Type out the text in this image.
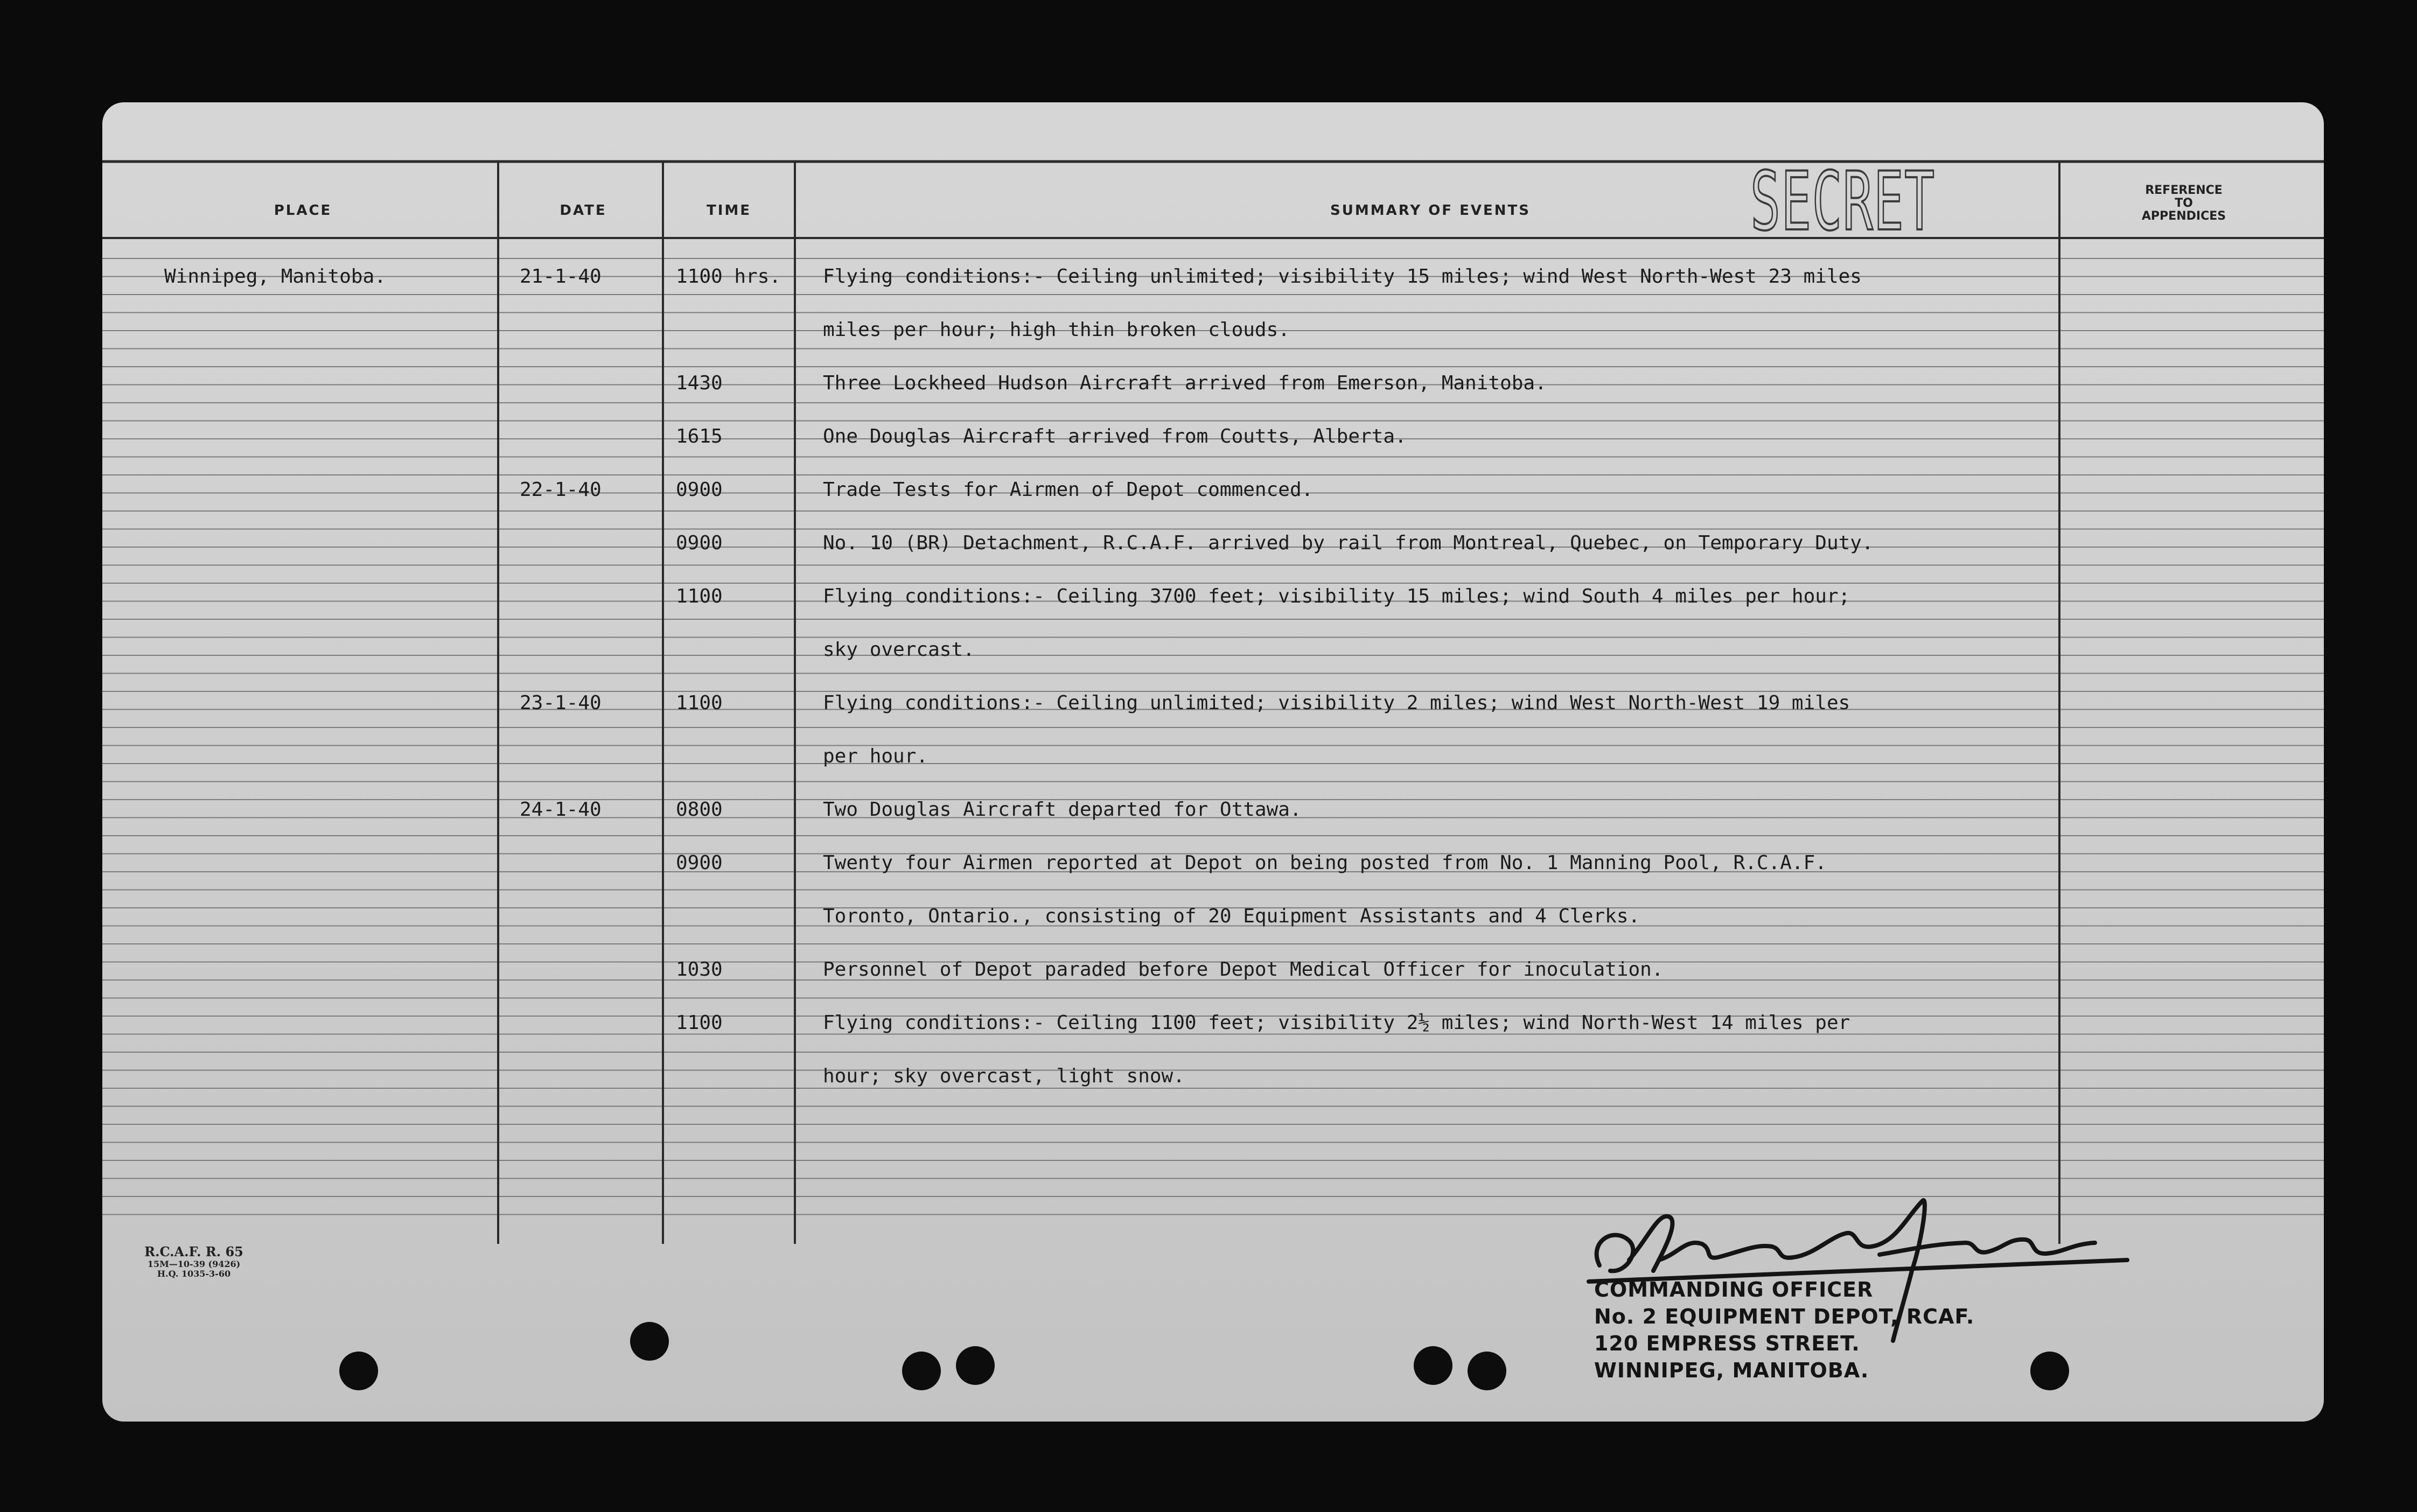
PLACE	DATE	TIME	SUMMARY OF EVENTS
REFERENCE
TO
APPENDICES
SECRET
Winnipeg, Manitoba.	21-1-40	1100 hrs. Flying conditions:- Ceiling unlimited; visibility 15 miles; wind West North-West 23 miles
miles per hour; high thin broken clouds.
1430	Three Lockheed Hudson Aircraft arrived from Emerson, Manitoba.
1615	One Douglas Aircraft arrived from Coutts, Alberta.
22-1-40	0900	Trade Tests for Airmen of Depot commenced.
0900	No. 10 (BR) Detachment, R.C.A.F. arrived by rail from Montreal, Quebec, on Temporary Duty.
1100	Flying conditions:- Ceiling 3700 feet; visibility 15 miles; wind South 4 miles per hour;
sky overcast.
23-1-40	1100	Flying conditions:- Ceiling unlimited; visibility 2 miles; wind West North-West 19 miles
per hour.
24-1-40	0800	Two Douglas Aircraft departed for Ottawa.
0900	Twenty four Airmen reported at Depot on being posted from No. 1 Manning Pool, R.C.A.F.
Toronto, Ontario., consisting of 20 Equipment Assistants and 4 Clerks.
1030	Personnel of Depot paraded before Depot Medical Officer for inoculation.
1100	Flying conditions:- Ceiling 1100 feet; visibility 2½ miles; wind North-West 14 miles per
hour; sky overcast, light snow.
R.C.A.F. R. 65
15M—10-39 (9426)
H.Q. 1035-3-60
COMMANDING OFFICER
No. 2 EQUIPMENT DEPOT, RCAF.
120 EMPRESS STREET.
WINNIPEG, MANITOBA.
